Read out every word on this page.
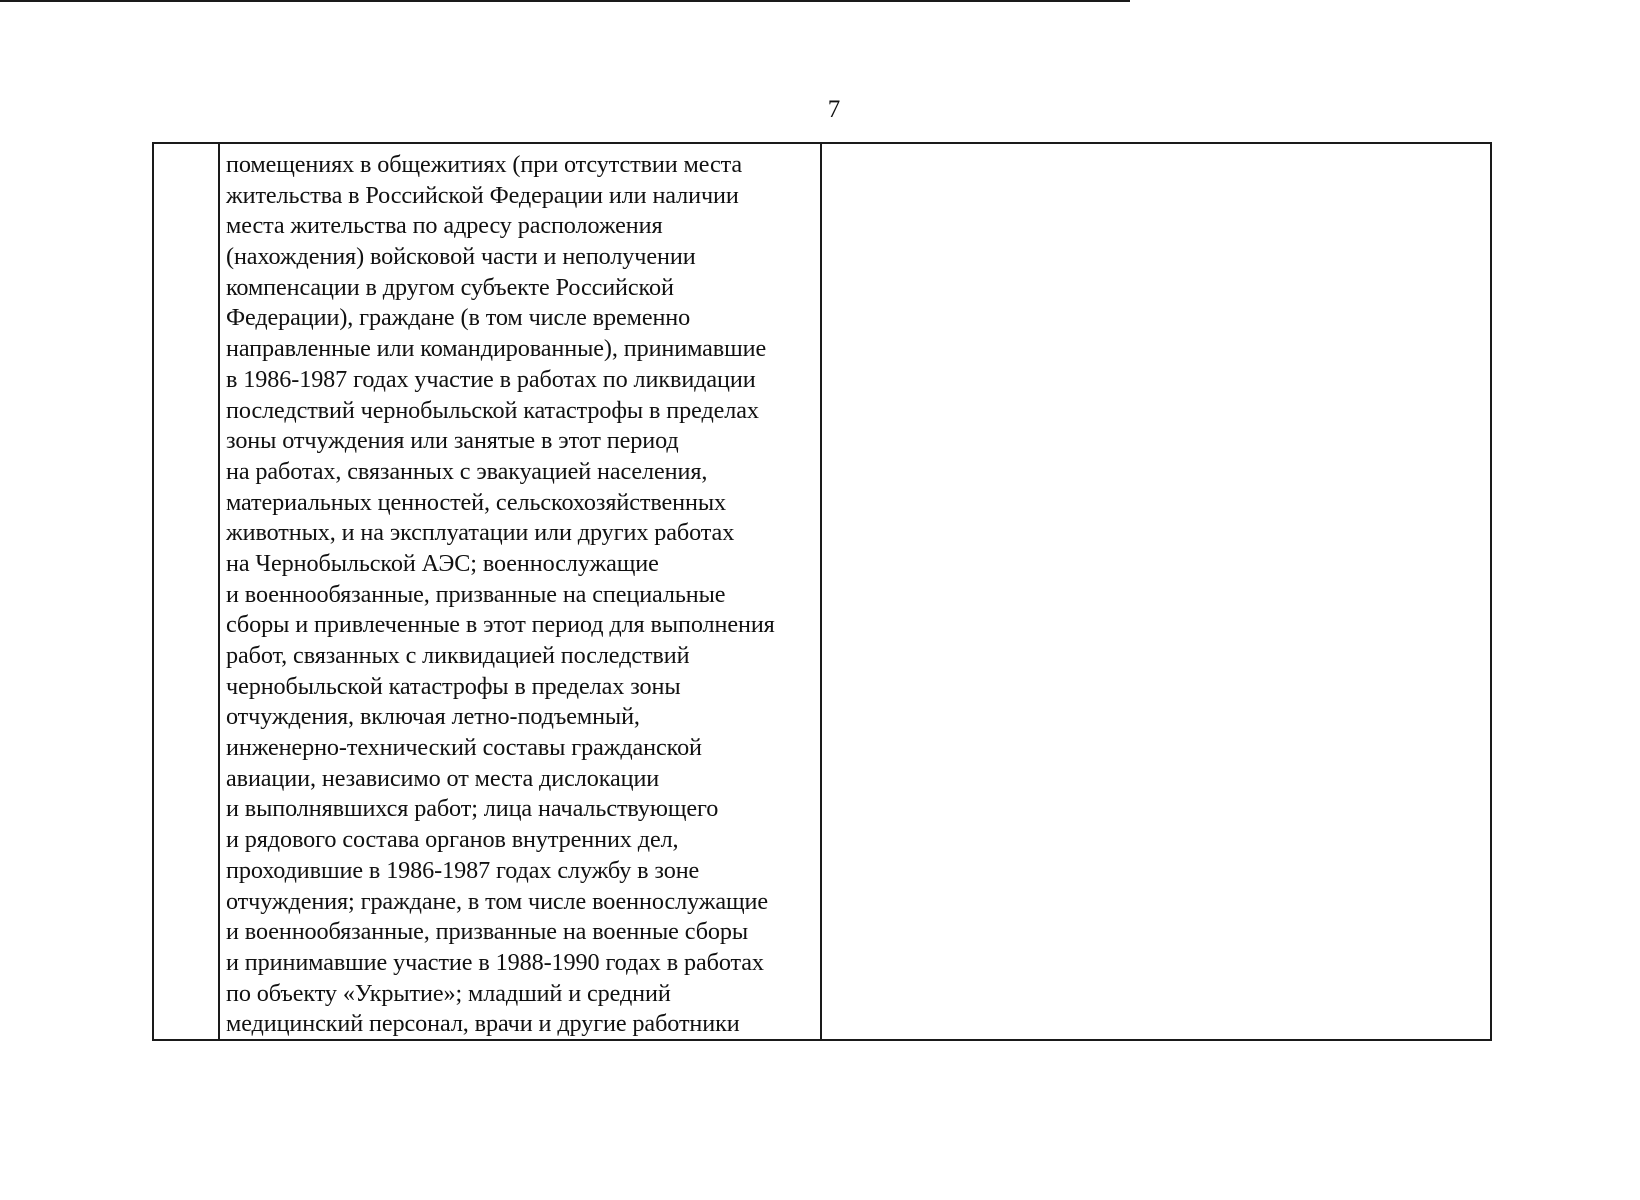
7
помещениях в общежитиях (при отсутствии места
жительства в Российской Федерации или наличии
места жительства по адресу расположения
(нахождения) войсковой части и неполучении
компенсации в другом субъекте Российской
Федерации), граждане (в том числе временно
направленные или командированные), принимавшие
в 1986-1987 годах участие в работах по ликвидации
последствий чернобыльской катастрофы в пределах
зоны отчуждения или занятые в этот период
на работах, связанных с эвакуацией населения,
материальных ценностей, сельскохозяйственных
животных, и на эксплуатации или других работах
на Чернобыльской АЭС; военнослужащие
и военнообязанные, призванные на специальные
сборы и привлеченные в этот период для выполнения
работ, связанных с ликвидацией последствий
чернобыльской катастрофы в пределах зоны
отчуждения, включая летно-подъемный,
инженерно-технический составы гражданской
авиации, независимо от места дислокации
и выполнявшихся работ; лица начальствующего
и рядового состава органов внутренних дел,
проходившие в 1986-1987 годах службу в зоне
отчуждения; граждане, в том числе военнослужащие
и военнообязанные, призванные на военные сборы
и принимавшие участие в 1988-1990 годах в работах
по объекту «Укрытие»; младший и средний
медицинский персонал, врачи и другие работники
